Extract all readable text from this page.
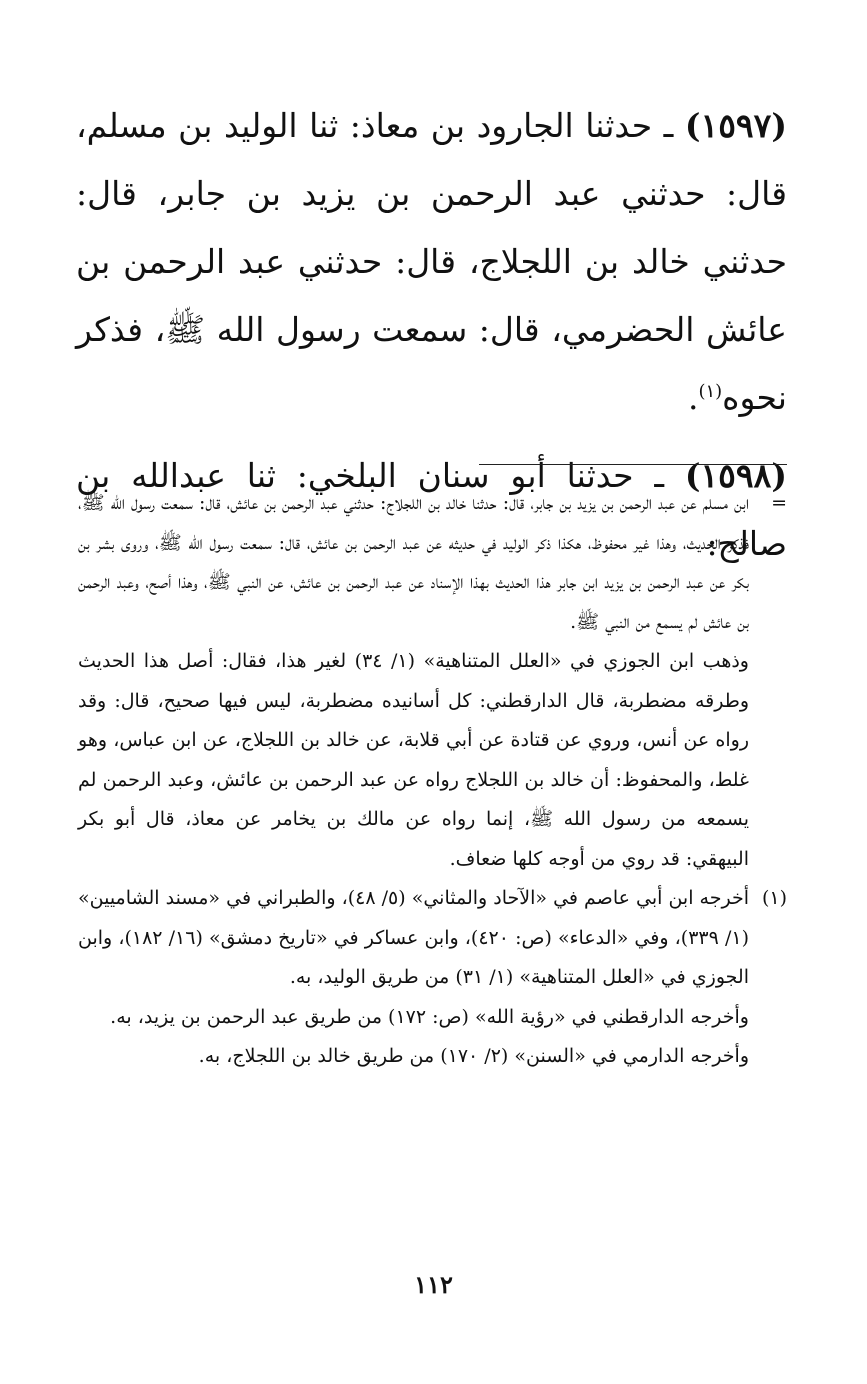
(١٥٩٧) ـ حدثنا الجارود بن معاذ: ثنا الوليد بن مسلم، قال: حدثني عبد الرحمن بن يزيد بن جابر، قال: حدثني خالد بن اللجلاج، قال: حدثني عبد الرحمن بن عائش الحضرمي، قال: سمعت رسول الله ﷺ، فذكر نحوه$^{(١)}$.

(١٥٩٨) ـ حدثنا أبو سنان البلخي: ثنا عبدالله بن صالح:

=

ابن مسلم عن عبد الرحمن بن يزيد بن جابر، قال: حدثنا خالد بن اللجلاج: حدثني عبد الرحمن بن عائش، قال: سمعت رسول الله ﷺ، فذكر الحديث، وهذا غير محفوظ، هكذا ذكر الوليد في حديثه عن عبد الرحمن بن عائش، قال: سمعت رسول الله ﷺ، وروى بشر بن بكر عن عبد الرحمن بن يزيد ابن جابر هذا الحديث بهذا الإسناد عن عبد الرحمن بن عائش، عن النبي ﷺ، وهذا أصح، وعبد الرحمن بن عائش لم يسمع من النبي ﷺ.

وذهب ابن الجوزي في «العلل المتناهية» (١/ ٣٤) لغير هذا، فقال: أصل هذا الحديث وطرقه مضطربة، قال الدارقطني: كل أسانيده مضطربة، ليس فيها صحيح، قال: وقد رواه عن أنس، وروي عن قتادة عن أبي قلابة، عن خالد بن اللجلاج، عن ابن عباس، وهو غلط، والمحفوظ: أن خالد بن اللجلاج رواه عن عبد الرحمن بن عائش، وعبد الرحمن لم يسمعه من رسول الله ﷺ، إنما رواه عن مالك بن يخامر عن معاذ، قال أبو بكر البيهقي: قد روي من أوجه كلها ضعاف.

(١)

أخرجه ابن أبي عاصم في «الآحاد والمثاني» (٥/ ٤٨)، والطبراني في «مسند الشاميين» (١/ ٣٣٩)، وفي «الدعاء» (ص: ٤٢٠)، وابن عساكر في «تاريخ دمشق» (١٦/ ١٨٢)، وابن الجوزي في «العلل المتناهية» (١/ ٣١) من طريق الوليد، به.

وأخرجه الدارقطني في «رؤية الله» (ص: ١٧٢) من طريق عبد الرحمن بن يزيد، به.

وأخرجه الدارمي في «السنن» (٢/ ١٧٠) من طريق خالد بن اللجلاج، به.

١١٢
